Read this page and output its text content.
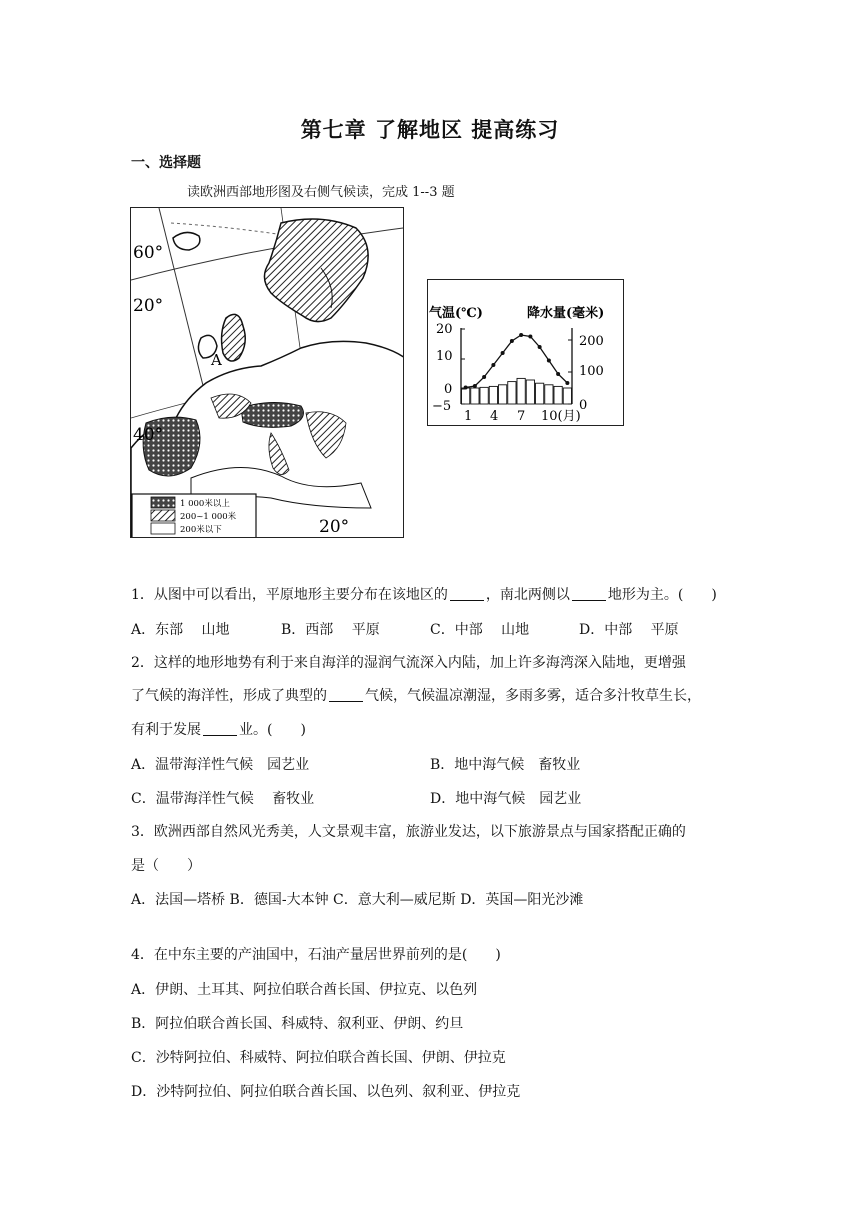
第七章 了解地区 提高练习
一、选择题
读欧洲西部地形图及右侧气候读，完成 1--3 题
60°
20°
40°
20°
A
1 000米以上
200~1 000米
200米以下
气温(℃)	降水量(毫米)
20
10
0
−5
200
100
0
1 4 7 10(月)
1．从图中可以看出，平原地形主要分布在该地区的	，南北两侧以	地形为主。(　　)
A．东部　 山地	B．西部　 平原	C．中部　 山地	D．中部　 平原
2．这样的地形地势有利于来自海洋的湿润气流深入内陆，加上许多海湾深入陆地，更增强
了气候的海洋性，形成了典型的	气候，气候温凉潮湿，多雨多雾，适合多汁牧草生长，
有利于发展	业。(　　)
A．温带海洋性气候　园艺业	B．地中海气候　畜牧业
C．温带海洋性气候　 畜牧业	D．地中海气候　园艺业
3．欧洲西部自然风光秀美，人文景观丰富，旅游业发达，以下旅游景点与国家搭配正确的
是（　　）
A．法国—塔桥 B．德国-大本钟 C．意大利—威尼斯 D．英国—阳光沙滩
4．在中东主要的产油国中，石油产量居世界前列的是(　　)
A．伊朗、土耳其、阿拉伯联合酋长国、伊拉克、以色列
B．阿拉伯联合酋长国、科威特、叙利亚、伊朗、约旦
C．沙特阿拉伯、科威特、阿拉伯联合酋长国、伊朗、伊拉克
D．沙特阿拉伯、阿拉伯联合酋长国、以色列、叙利亚、伊拉克
